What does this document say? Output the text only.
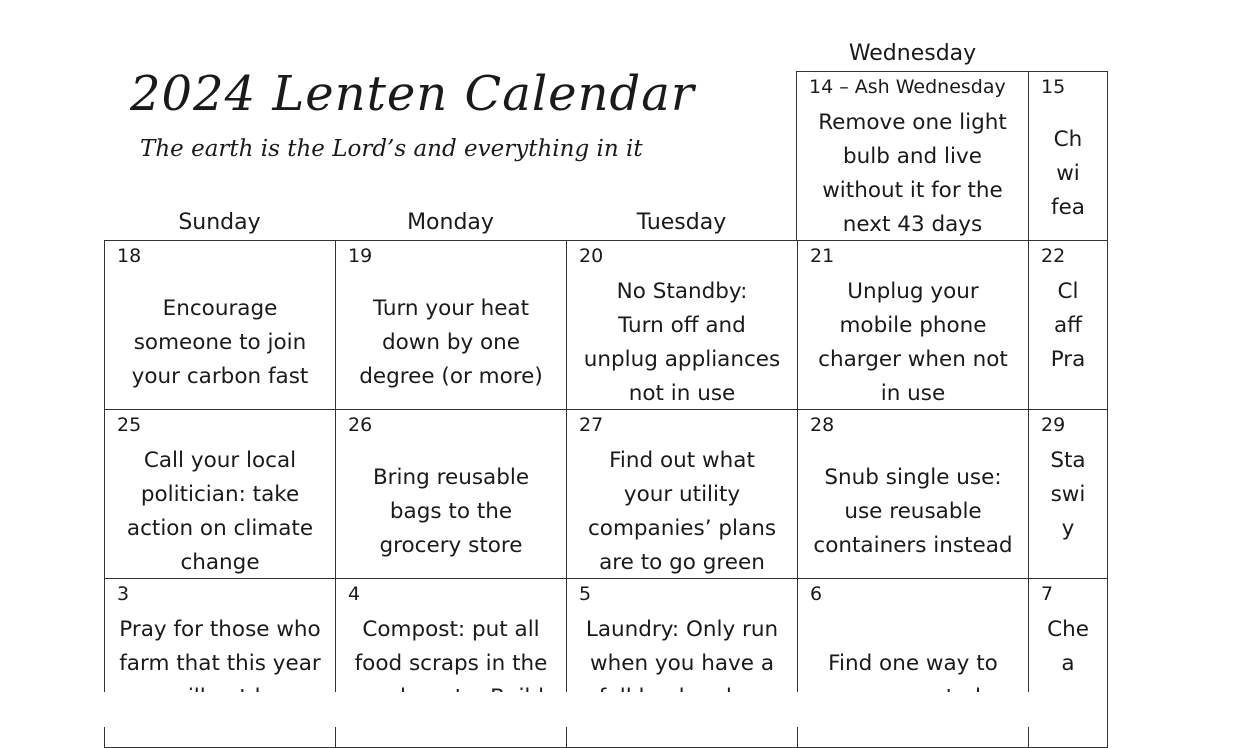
2024 Lenten Calendar
The earth is the Lord’s and everything in it
Sunday	Monday	Tuesday
Wednesday
14 – Ash Wednesday
Remove one light
bulb and live
without it for the
next 43 days
15
Ch
wi
fea
18
Encourage
someone to join
your carbon fast
19
Turn your heat
down by one
degree (or more)
20
No Standby:
Turn off and
unplug appliances
not in use
21
Unplug your
mobile phone
charger when not
in use
22
Cl
aff
Pra
25
Call your local
politician: take
action on climate
change
26
Bring reusable
bags to the
grocery store
27
Find out what
your utility
companies’ plans
are to go green
28
Snub single use:
use reusable
containers instead
29
Sta
swi
y
3
Pray for those who
farm that this year

4
Compost: put all
food scraps in the

5
Laundry: Only run
when you have a

6

Find one way to

7
Che
a
